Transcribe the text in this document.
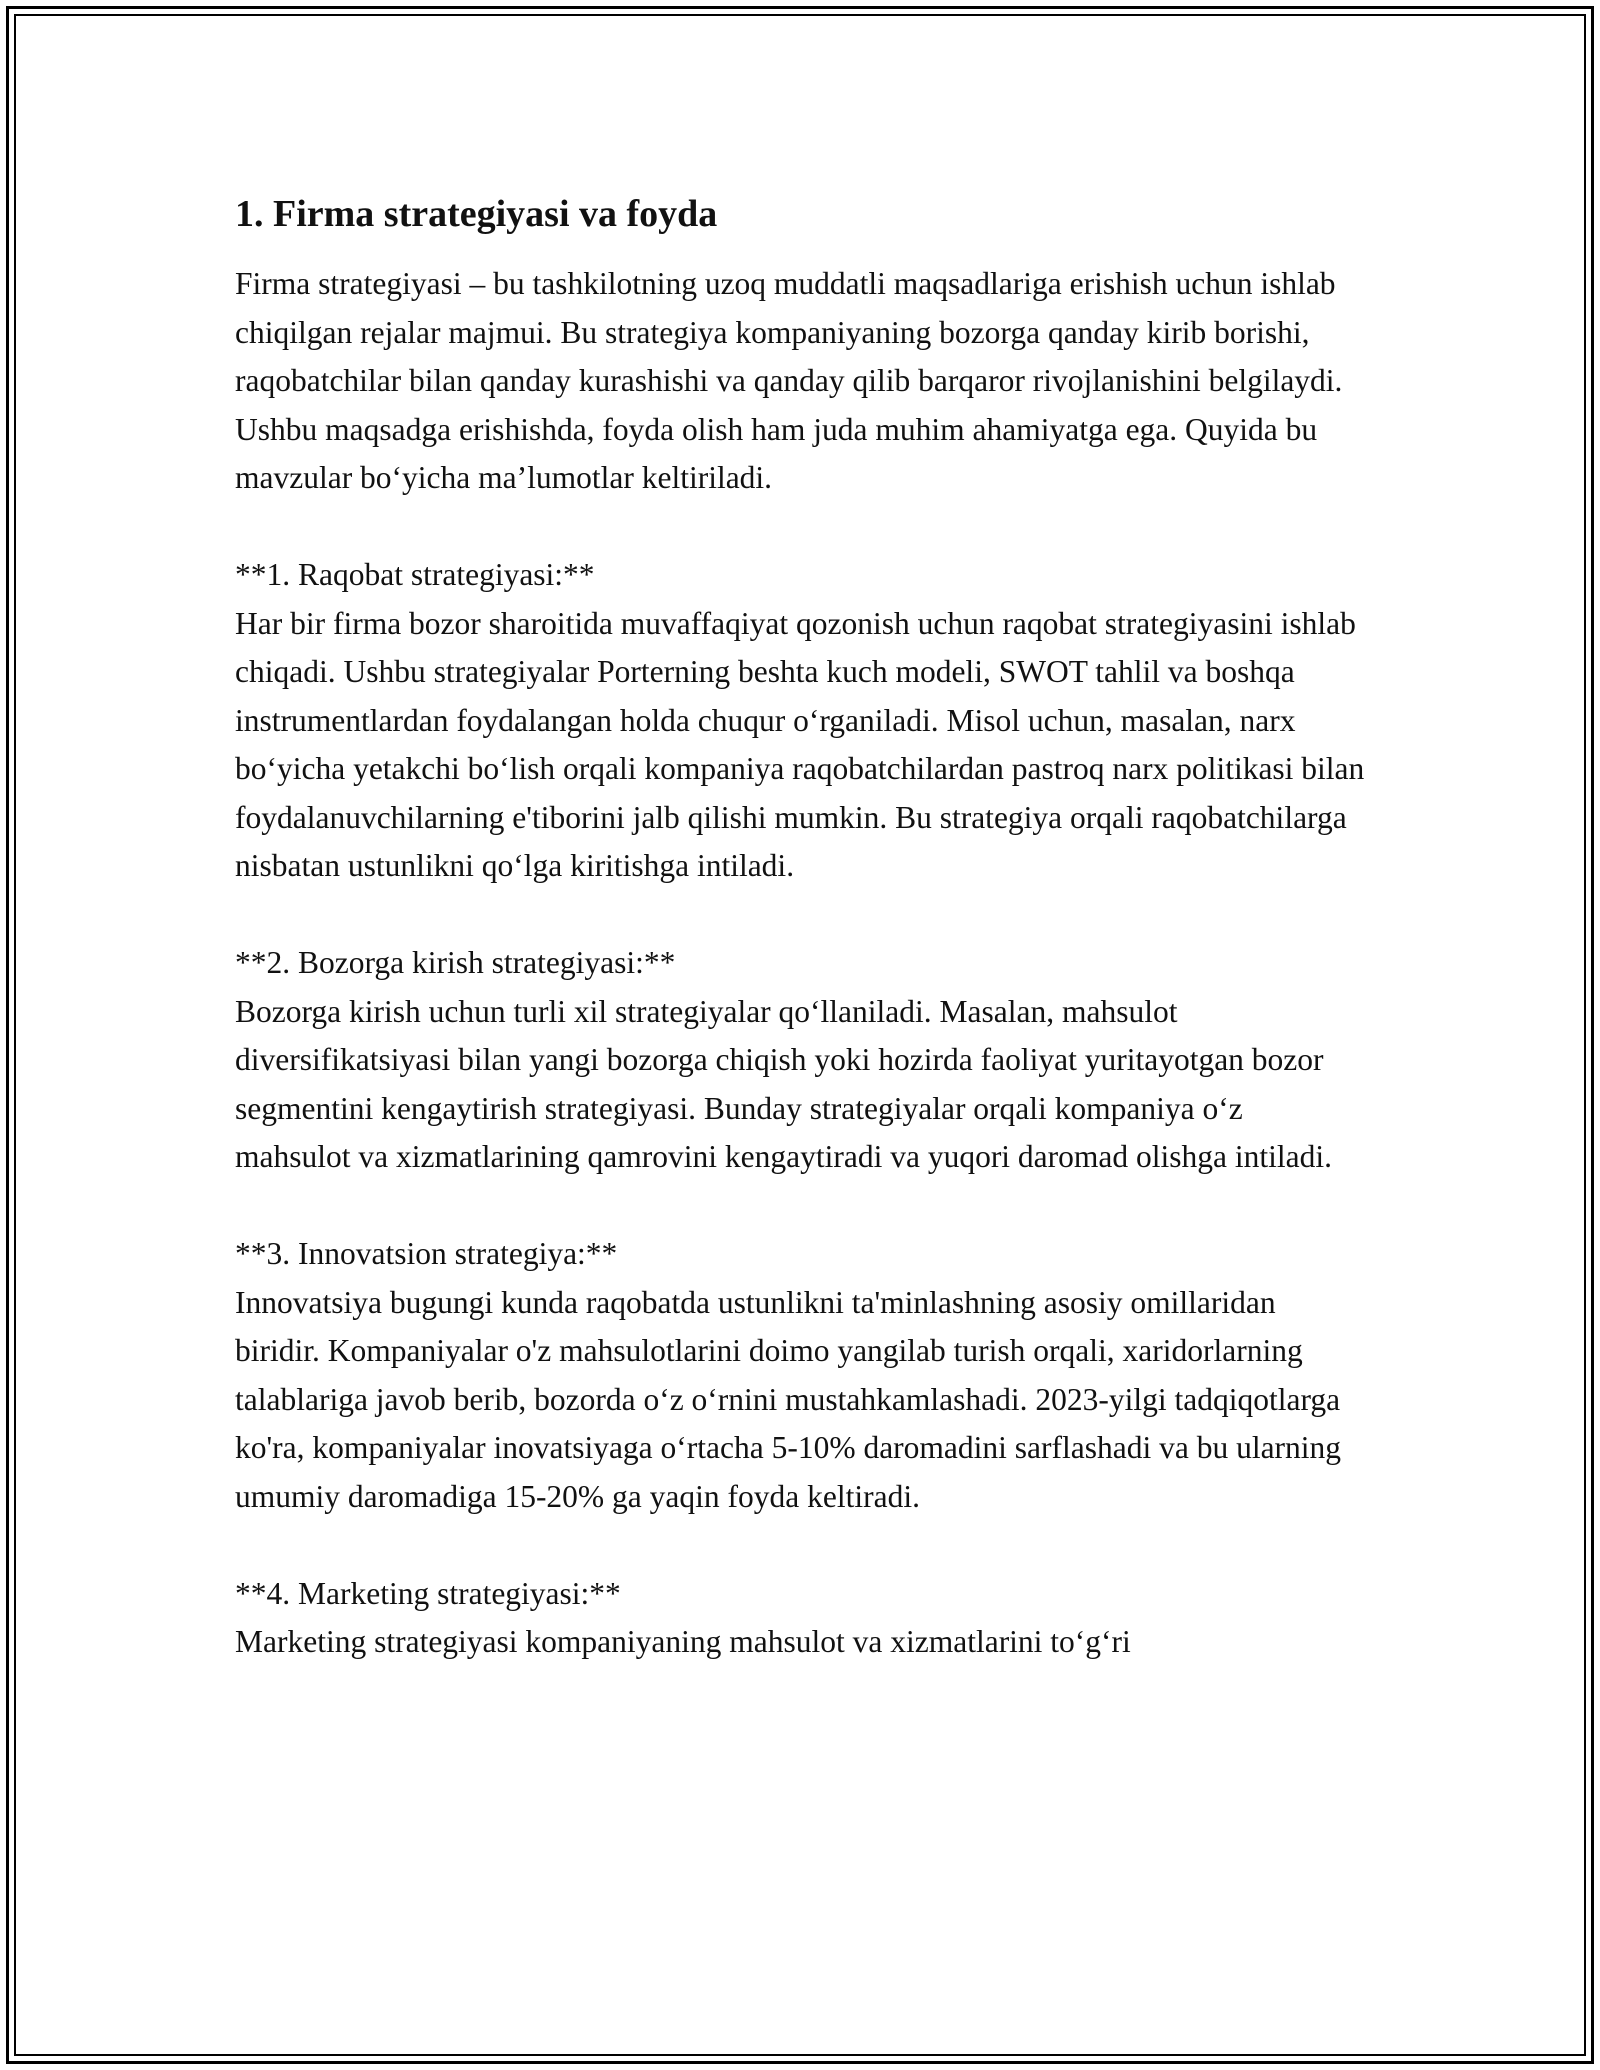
1. Firma strategiyasi va foyda

Firma strategiyasi – bu tashkilotning uzoq muddatli maqsadlariga erishish uchun ishlab chiqilgan rejalar majmui. Bu strategiya kompaniyaning bozorga qanday kirib borishi, raqobatchilar bilan qanday kurashishi va qanday qilib barqaror rivojlanishini belgilaydi. Ushbu maqsadga erishishda, foyda olish ham juda muhim ahamiyatga ega. Quyida bu mavzular bo‘yicha ma’lumotlar keltiriladi.

**1. Raqobat strategiyasi:**

Har bir firma bozor sharoitida muvaffaqiyat qozonish uchun raqobat strategiyasini ishlab chiqadi. Ushbu strategiyalar Porterning beshta kuch modeli, SWOT tahlil va boshqa instrumentlardan foydalangan holda chuqur o‘rganiladi. Misol uchun, masalan, narx bo‘yicha yetakchi bo‘lish orqali kompaniya raqobatchilardan pastroq narx politikasi bilan foydalanuvchilarning e'tiborini jalb qilishi mumkin. Bu strategiya orqali raqobatchilarga nisbatan ustunlikni qo‘lga kiritishga intiladi.

**2. Bozorga kirish strategiyasi:**

Bozorga kirish uchun turli xil strategiyalar qo‘llaniladi. Masalan, mahsulot diversifikatsiyasi bilan yangi bozorga chiqish yoki hozirda faoliyat yuritayotgan bozor segmentini kengaytirish strategiyasi. Bunday strategiyalar orqali kompaniya o‘z mahsulot va xizmatlarining qamrovini kengaytiradi va yuqori daromad olishga intiladi.

**3. Innovatsion strategiya:**

Innovatsiya bugungi kunda raqobatda ustunlikni ta'minlashning asosiy omillaridan biridir. Kompaniyalar o'z mahsulotlarini doimo yangilab turish orqali, xaridorlarning talablariga javob berib, bozorda o‘z o‘rnini mustahkamlashadi. 2023-yilgi tadqiqotlarga ko'ra, kompaniyalar inovatsiyaga o‘rtacha 5-10% daromadini sarflashadi va bu ularning umumiy daromadiga 15-20% ga yaqin foyda keltiradi.

**4. Marketing strategiyasi:**

Marketing strategiyasi kompaniyaning mahsulot va xizmatlarini to‘g‘ri
